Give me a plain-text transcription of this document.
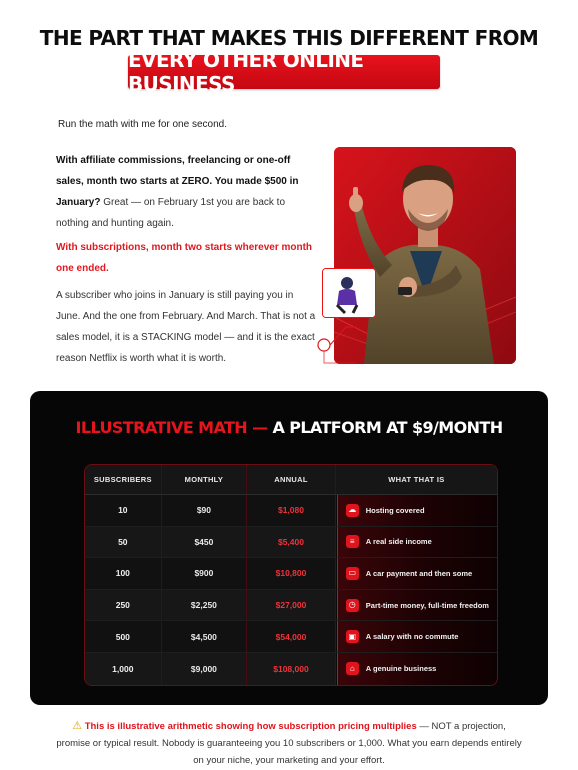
THE PART THAT MAKES THIS DIFFERENT FROM
EVERY OTHER ONLINE BUSINESS

Run the math with me for one second.

With affiliate commissions, freelancing or one-off sales, month two starts at ZERO. You made $500 in January? Great — on February 1st you are back to nothing and hunting again.

With subscriptions, month two starts wherever month one ended.

A subscriber who joins in January is still paying you in June. And the one from February. And March. That is not a sales model, it is a STACKING model — and it is the exact reason Netflix is worth what it is worth.

ILLUSTRATIVE MATH — A PLATFORM AT $9/MONTH
SUBSCRIBERS	MONTHLY	ANNUAL	WHAT THAT IS
10	$90	$1,080	☁	Hosting covered
50	$450	$5,400	≡	A real side income
100	$900	$10,800	▭	A car payment and then some
250	$2,250	$27,000	◷	Part-time money, full-time freedom
500	$4,500	$54,000	▣	A salary with no commute
1,000	$9,000	$108,000	⌂	A genuine business

⚠ This is illustrative arithmetic showing how subscription pricing multiplies — NOT a projection, promise or typical result. Nobody is guaranteeing you 10 subscribers or 1,000. What you earn depends entirely on your niche, your marketing and your effort.
